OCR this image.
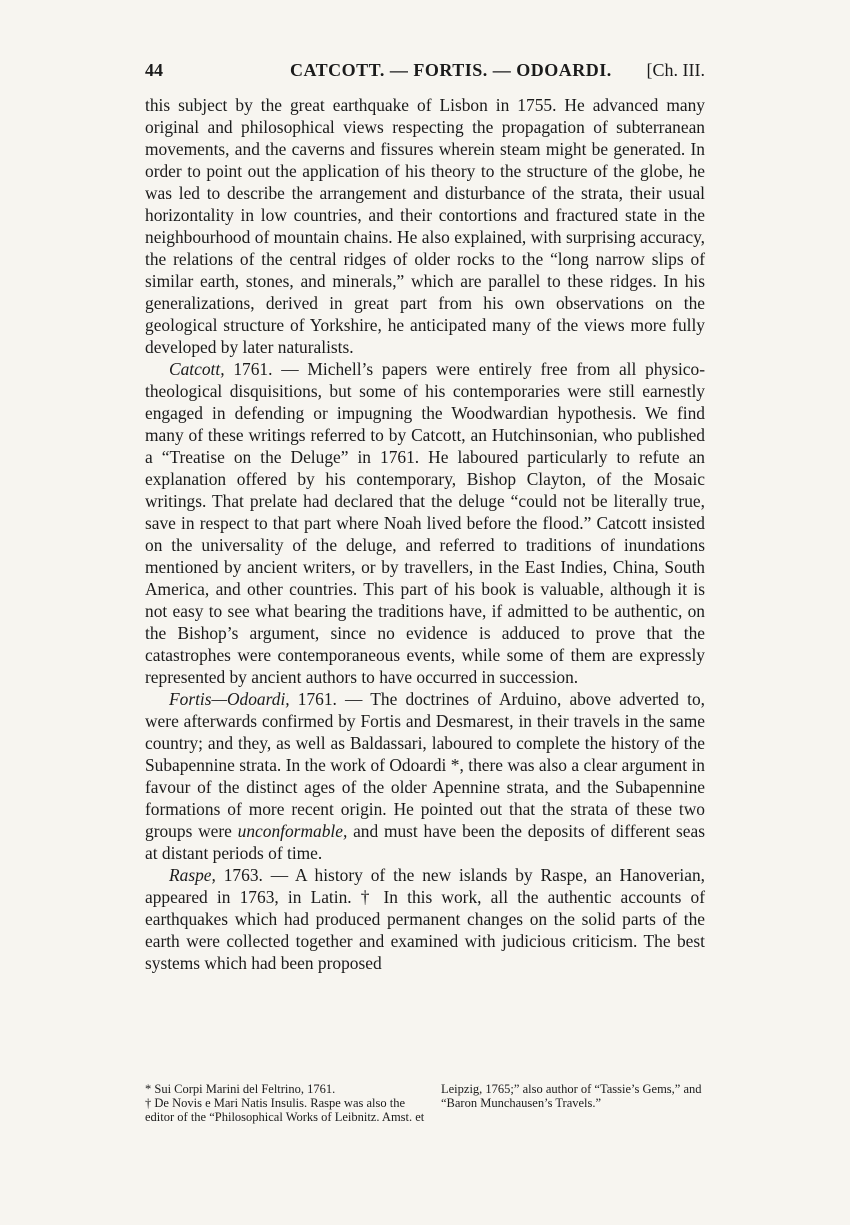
44	CATCOTT. — FORTIS. — ODOARDI. [Ch. III.

this subject by the great earthquake of Lisbon in 1755. He advanced many original and philosophical views respecting the propagation of subterranean movements, and the caverns and fissures wherein steam might be generated. In order to point out the application of his theory to the structure of the globe, he was led to describe the arrangement and disturbance of the strata, their usual horizontality in low countries, and their contortions and fractured state in the neighbourhood of mountain chains. He also explained, with surprising accuracy, the relations of the central ridges of older rocks to the “long narrow slips of similar earth, stones, and minerals,” which are parallel to these ridges. In his generalizations, derived in great part from his own observations on the geological structure of Yorkshire, he anticipated many of the views more fully developed by later naturalists.

Catcott, 1761. — Michell’s papers were entirely free from all physico-theological disquisitions, but some of his contemporaries were still earnestly engaged in defending or impugning the Woodwardian hypothesis. We find many of these writings referred to by Catcott, an Hutchinsonian, who published a “Treatise on the Deluge” in 1761. He laboured particularly to refute an explanation offered by his contemporary, Bishop Clayton, of the Mosaic writings. That prelate had declared that the deluge “could not be literally true, save in respect to that part where Noah lived before the flood.” Catcott insisted on the universality of the deluge, and referred to traditions of inundations mentioned by ancient writers, or by travellers, in the East Indies, China, South America, and other countries. This part of his book is valuable, although it is not easy to see what bearing the traditions have, if admitted to be authentic, on the Bishop’s argument, since no evidence is adduced to prove that the catastrophes were contemporaneous events, while some of them are expressly represented by ancient authors to have occurred in succession.

Fortis—Odoardi, 1761. — The doctrines of Arduino, above adverted to, were afterwards confirmed by Fortis and Desmarest, in their travels in the same country; and they, as well as Baldassari, laboured to complete the history of the Subapennine strata. In the work of Odoardi *, there was also a clear argument in favour of the distinct ages of the older Apennine strata, and the Subapennine formations of more recent origin. He pointed out that the strata of these two groups were unconformable, and must have been the deposits of different seas at distant periods of time.

Raspe, 1763. — A history of the new islands by Raspe, an Hanoverian, appeared in 1763, in Latin. † In this work, all the authentic accounts of earthquakes which had produced permanent changes on the solid parts of the earth were collected together and examined with judicious criticism. The best systems which had been proposed

* Sui Corpi Marini del Feltrino, 1761.

† De Novis e Mari Natis Insulis. Raspe was also the editor of the “Philosophical Works of Leibnitz. Amst. et

Leipzig, 1765;” also author of “Tassie’s Gems,” and “Baron Munchausen’s Travels.”
